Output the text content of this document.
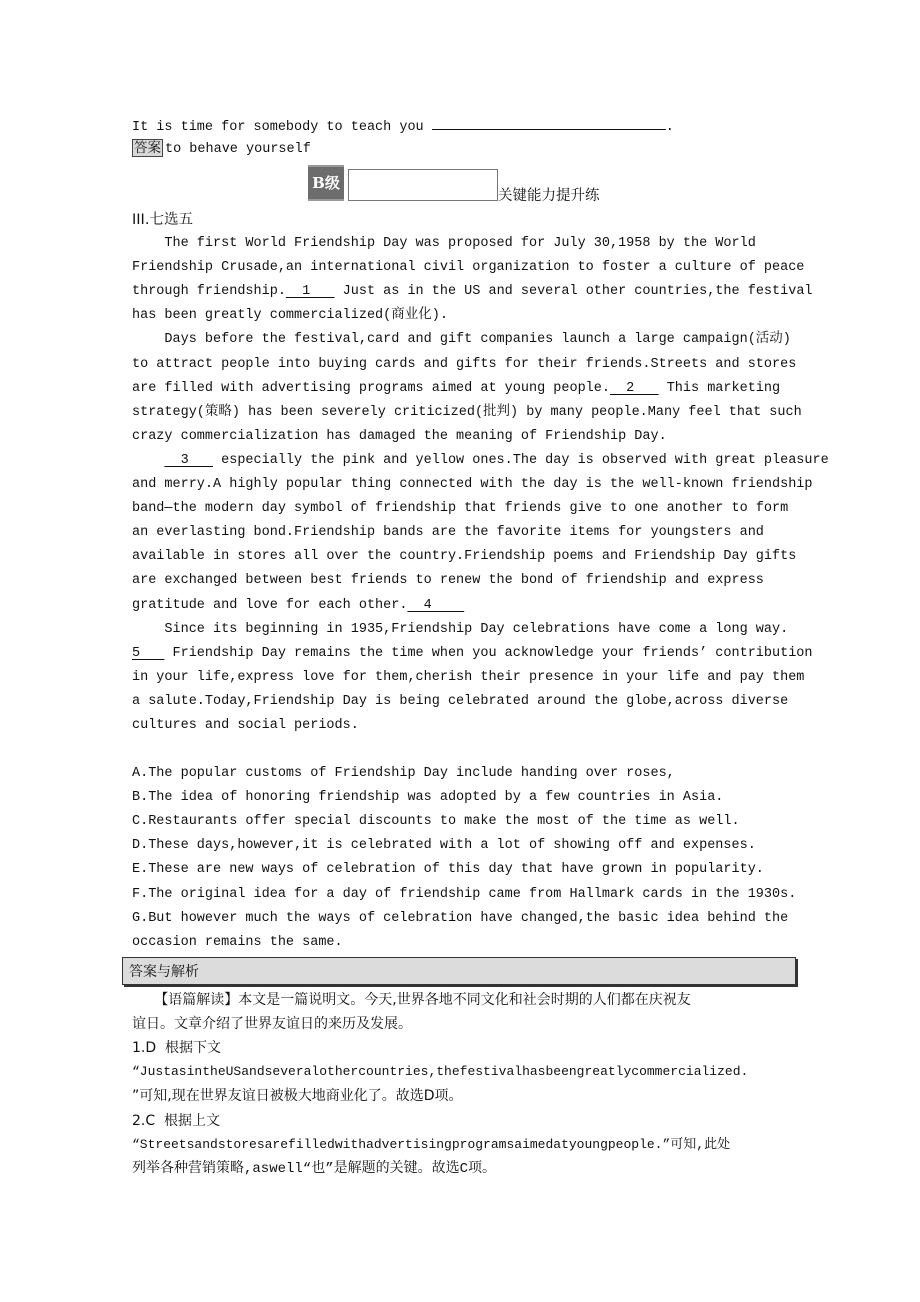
It is time for somebody to teach you	.
答案 to behave yourself
B级
关键能力提升练
III.七选五
The first World Friendship Day was proposed for July 30,1958 by the World
Friendship Crusade,an international civil organization to foster a culture of peace
through friendship.  1    Just as in the US and several other countries,the festival
has been greatly commercialized(商业化).
Days before the festival,card and gift companies launch a large campaign(活动)
to attract people into buying cards and gifts for their friends.Streets and stores
are filled with advertising programs aimed at young people.  2    This marketing
strategy(策略) has been severely criticized(批判) by many people.Many feel that such
crazy commercialization has damaged the meaning of Friendship Day.
3    especially the pink and yellow ones.The day is observed with great pleasure
and merry.A highly popular thing connected with the day is the well-known friendship
band—the modern day symbol of friendship that friends give to one another to form
an everlasting bond.Friendship bands are the favorite items for youngsters and
available in stores all over the country.Friendship poems and Friendship Day gifts
are exchanged between best friends to renew the bond of friendship and express
gratitude and love for each other.  4
Since its beginning in 1935,Friendship Day celebrations have come a long way.
5    Friendship Day remains the time when you acknowledge your friends’ contribution
in your life,express love for them,cherish their presence in your life and pay them
a salute.Today,Friendship Day is being celebrated around the globe,across diverse
cultures and social periods.
A.The popular customs of Friendship Day include handing over roses,
B.The idea of honoring friendship was adopted by a few countries in Asia.
C.Restaurants offer special discounts to make the most of the time as well.
D.These days,however,it is celebrated with a lot of showing off and expenses.
E.These are new ways of celebration of this day that have grown in popularity.
F.The original idea for a day of friendship came from Hallmark cards in the 1930s.
G.But however much the ways of celebration have changed,the basic idea behind the
occasion remains the same.
答案与解析
【语篇解读】本文是一篇说明文。今天,世界各地不同文化和社会时期的人们都在庆祝友
谊日。文章介绍了世界友谊日的来历及发展。
1.D  根据下文
“JustasintheUSandseveralothercountries,thefestivalhasbeengreatlycommercialized.
”可知,现在世界友谊日被极大地商业化了。故选D项。
2.C  根据上文
“Streetsandstoresarefilledwithadvertisingprogramsaimedatyoungpeople.”可知,此处
列举各种营销策略,aswell“也”是解题的关键。故选C项。
